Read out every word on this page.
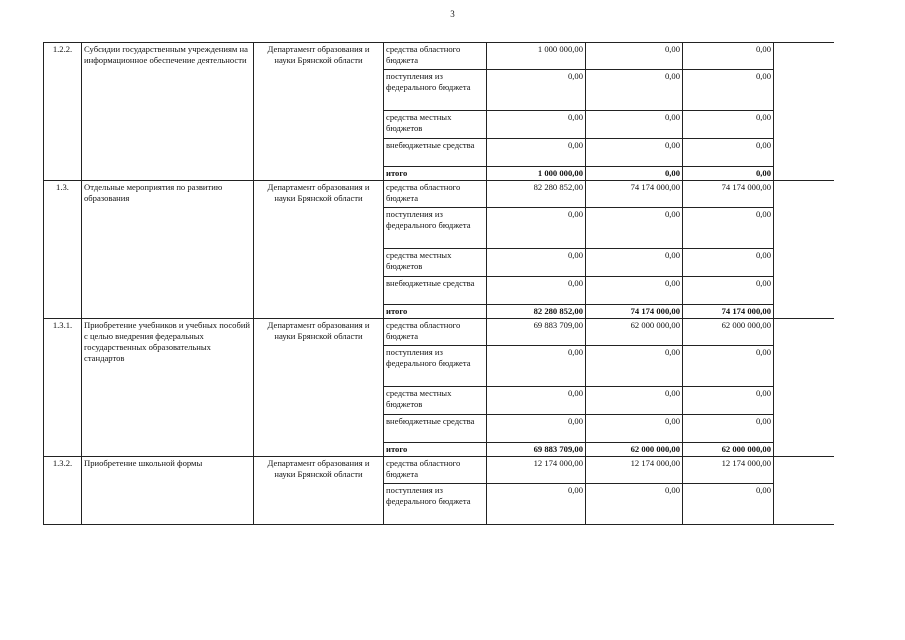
3
1.2.2.	Субсидии государственным учреждениям на информационное обеспечение деятельности	Департамент образования и науки Брянской области	средства областного бюджета	1 000 000,00	0,00	0,00	
			поступления из федерального бюджета	0,00	0,00	0,00	
			средства местных бюджетов	0,00	0,00	0,00	
			внебюджетные средства	0,00	0,00	0,00	
			итого	1 000 000,00	0,00	0,00	
1.3.	Отдельные мероприятия по развитию образования	Департамент образования и науки Брянской области	средства областного бюджета	82 280 852,00	74 174 000,00	74 174 000,00	
			поступления из федерального бюджета	0,00	0,00	0,00	
			средства местных бюджетов	0,00	0,00	0,00	
			внебюджетные средства	0,00	0,00	0,00	
			итого	82 280 852,00	74 174 000,00	74 174 000,00	
1.3.1.	Приобретение учебников и учебных пособий с целью внедрения федеральных государственных образовательных стандартов	Департамент образования и науки Брянской области	средства областного бюджета	69 883 709,00	62 000 000,00	62 000 000,00	
			поступления из федерального бюджета	0,00	0,00	0,00	
			средства местных бюджетов	0,00	0,00	0,00	
			внебюджетные средства	0,00	0,00	0,00	
			итого	69 883 709,00	62 000 000,00	62 000 000,00	
1.3.2.	Приобретение школьной формы	Департамент образования и науки Брянской области	средства областного бюджета	12 174 000,00	12 174 000,00	12 174 000,00	
			поступления из федерального бюджета	0,00	0,00	0,00	
